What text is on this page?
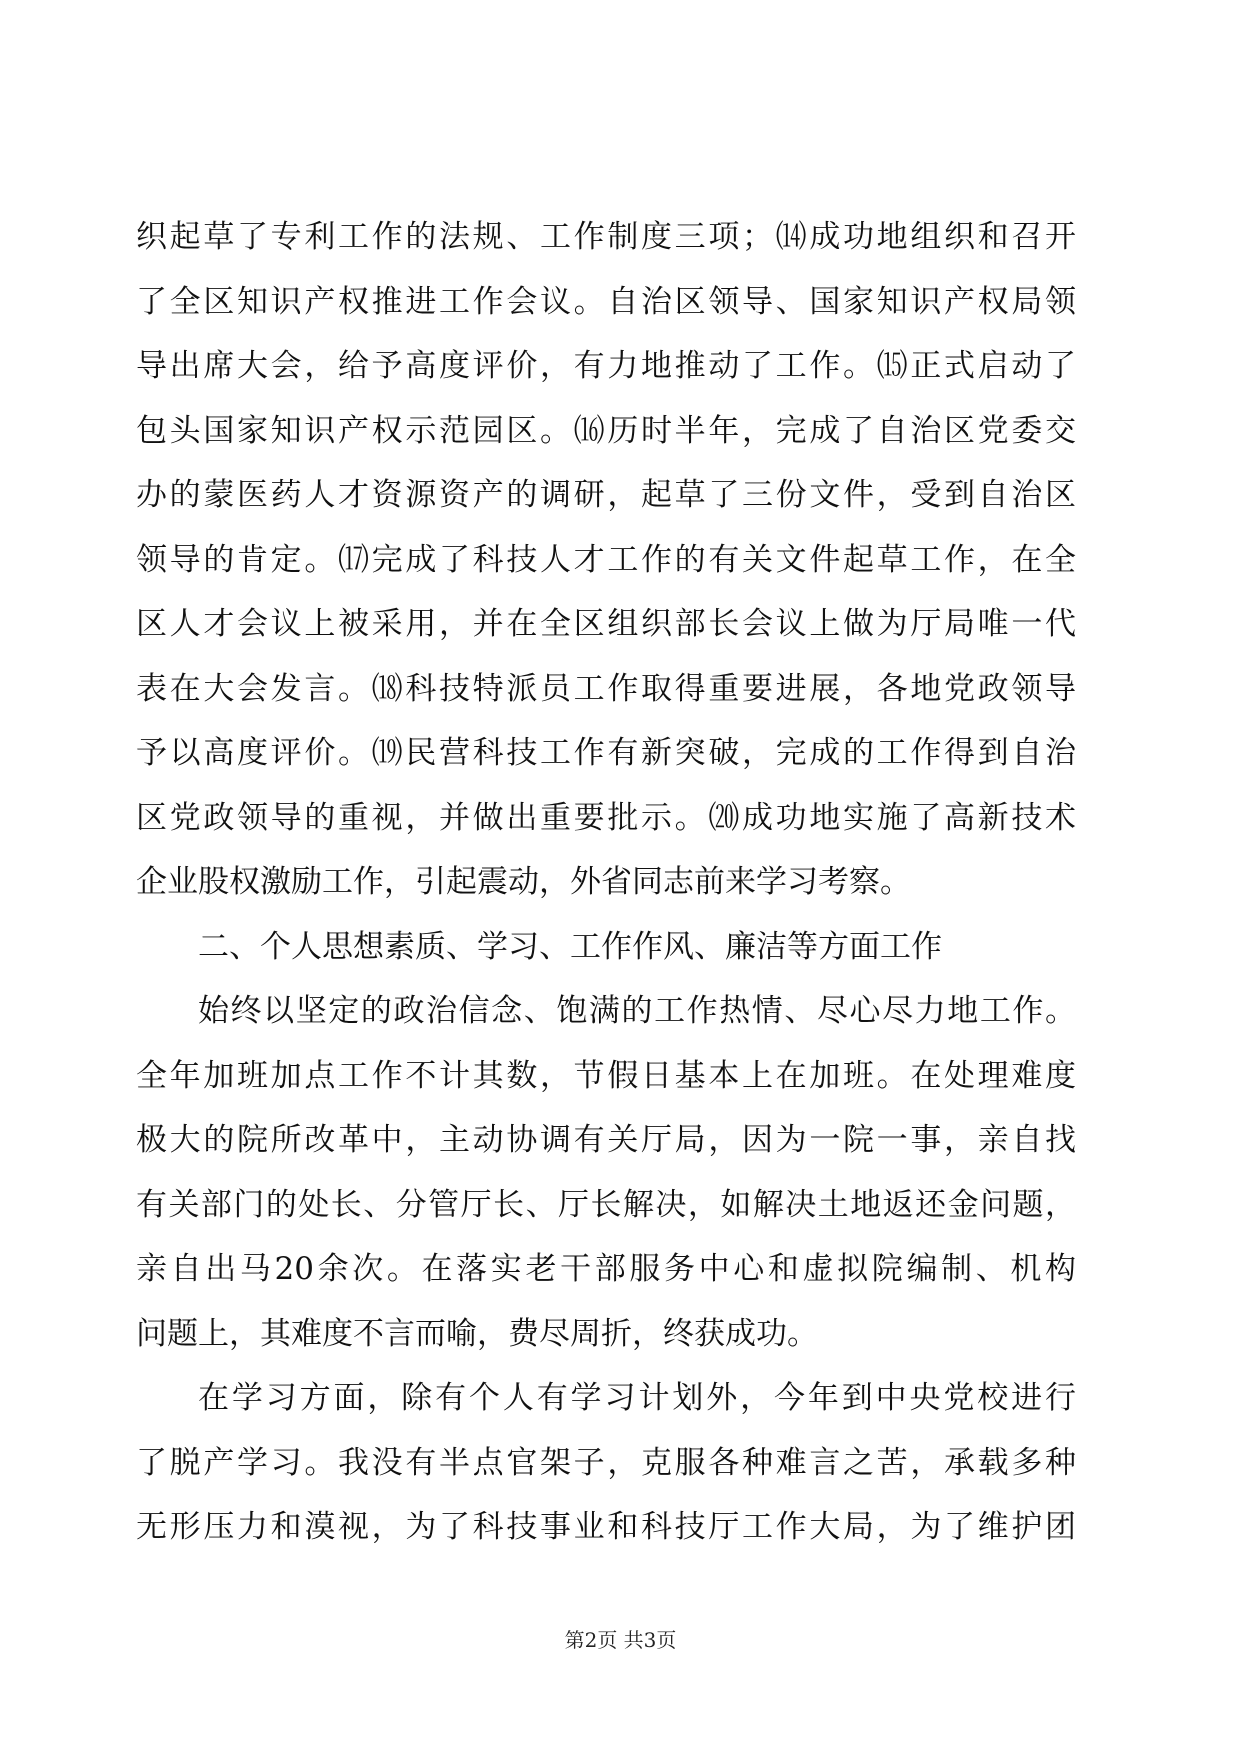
织起草了专利工作的法规、工作制度三项；⒁成功地组织和召开
了全区知识产权推进工作会议。自治区领导、国家知识产权局领
导出席大会，给予高度评价，有力地推动了工作。⒂正式启动了
包头国家知识产权示范园区。⒃历时半年，完成了自治区党委交
办的蒙医药人才资源资产的调研，起草了三份文件，受到自治区
领导的肯定。⒄完成了科技人才工作的有关文件起草工作，在全
区人才会议上被采用，并在全区组织部长会议上做为厅局唯一代
表在大会发言。⒅科技特派员工作取得重要进展，各地党政领导
予以高度评价。⒆民营科技工作有新突破，完成的工作得到自治
区党政领导的重视，并做出重要批示。⒇成功地实施了高新技术
企业股权激励工作，引起震动，外省同志前来学习考察。
二、个人思想素质、学习、工作作风、廉洁等方面工作
始终以坚定的政治信念、饱满的工作热情、尽心尽力地工作。
全年加班加点工作不计其数，节假日基本上在加班。在处理难度
极大的院所改革中，主动协调有关厅局，因为一院一事，亲自找
有关部门的处长、分管厅长、厅长解决，如解决土地返还金问题，
亲自出马20余次。在落实老干部服务中心和虚拟院编制、机构
问题上，其难度不言而喻，费尽周折，终获成功。
在学习方面，除有个人有学习计划外，今年到中央党校进行
了脱产学习。我没有半点官架子，克服各种难言之苦，承载多种
无形压力和漠视，为了科技事业和科技厅工作大局，为了维护团
第2页 共3页
